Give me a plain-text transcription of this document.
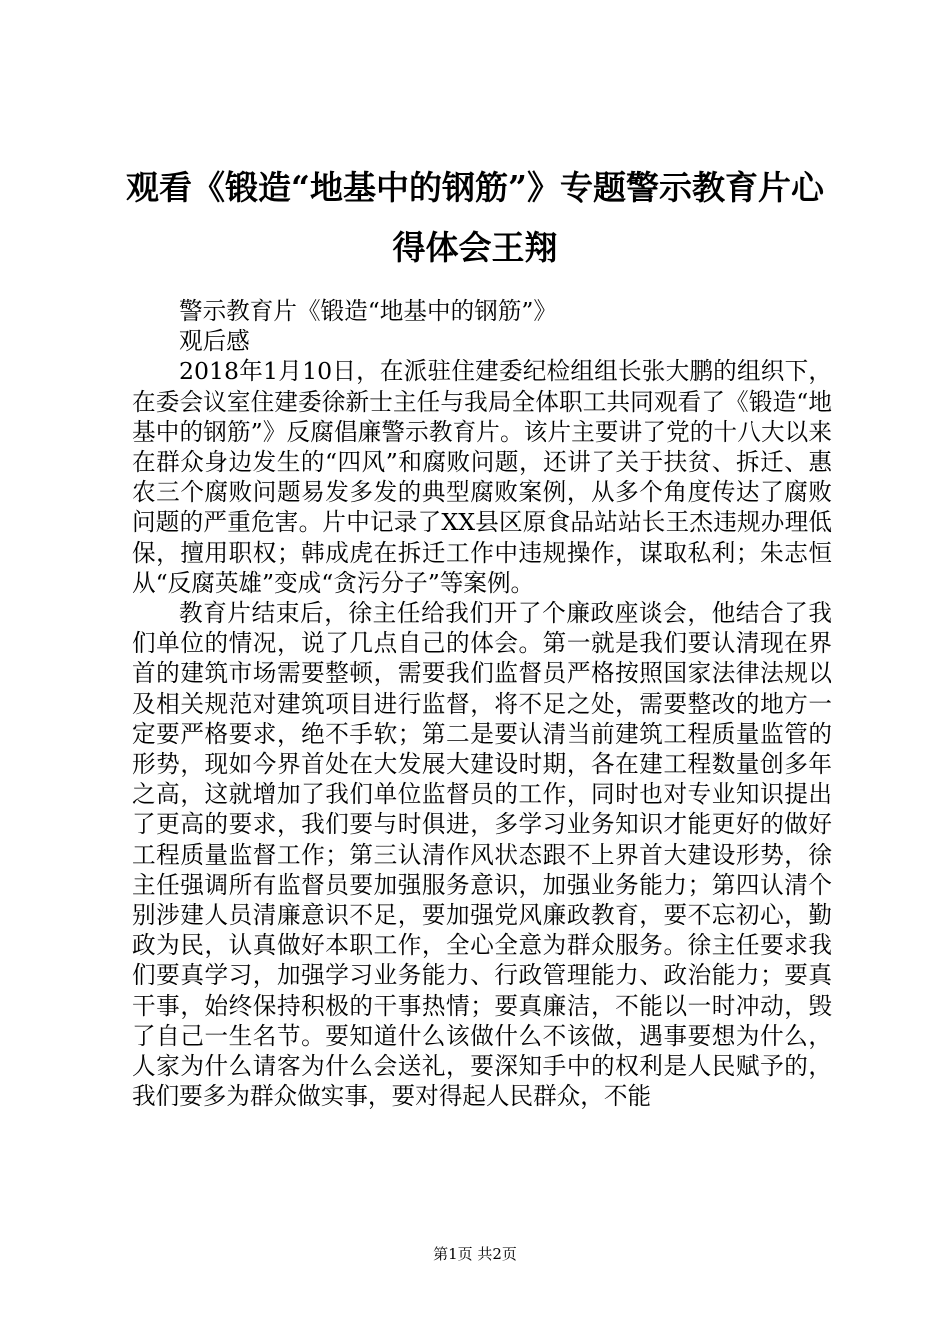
观看《锻造“地基中的钢筋”》专题警示教育片心得体会王翔

警示教育片《锻造“地基中的钢筋”》

观后感

2018年1月10日，在派驻住建委纪检组组长张大鹏的组织下，在委会议室住建委徐新士主任与我局全体职工共同观看了《锻造“地基中的钢筋”》反腐倡廉警示教育片。该片主要讲了党的十八大以来在群众身边发生的“四风”和腐败问题，还讲了关于扶贫、拆迁、惠农三个腐败问题易发多发的典型腐败案例，从多个角度传达了腐败问题的严重危害。片中记录了XX县区原食品站站长王杰违规办理低保，擅用职权；韩成虎在拆迁工作中违规操作，谋取私利；朱志恒从“反腐英雄”变成“贪污分子”等案例。

教育片结束后，徐主任给我们开了个廉政座谈会，他结合了我们单位的情况，说了几点自己的体会。第一就是我们要认清现在界首的建筑市场需要整顿，需要我们监督员严格按照国家法律法规以及相关规范对建筑项目进行监督，将不足之处，需要整改的地方一定要严格要求，绝不手软；第二是要认清当前建筑工程质量监管的形势，现如今界首处在大发展大建设时期，各在建工程数量创多年之高，这就增加了我们单位监督员的工作，同时也对专业知识提出了更高的要求，我们要与时俱进，多学习业务知识才能更好的做好工程质量监督工作；第三认清作风状态跟不上界首大建设形势，徐主任强调所有监督员要加强服务意识，加强业务能力；第四认清个别涉建人员清廉意识不足，要加强党风廉政教育，要不忘初心，勤政为民，认真做好本职工作，全心全意为群众服务。徐主任要求我们要真学习，加强学习业务能力、行政管理能力、政治能力；要真干事，始终保持积极的干事热情；要真廉洁，不能以一时冲动，毁了自己一生名节。要知道什么该做什么不该做，遇事要想为什么，人家为什么请客为什么会送礼，要深知手中的权利是人民赋予的，我们要多为群众做实事，要对得起人民群众，不能

第1页 共2页
